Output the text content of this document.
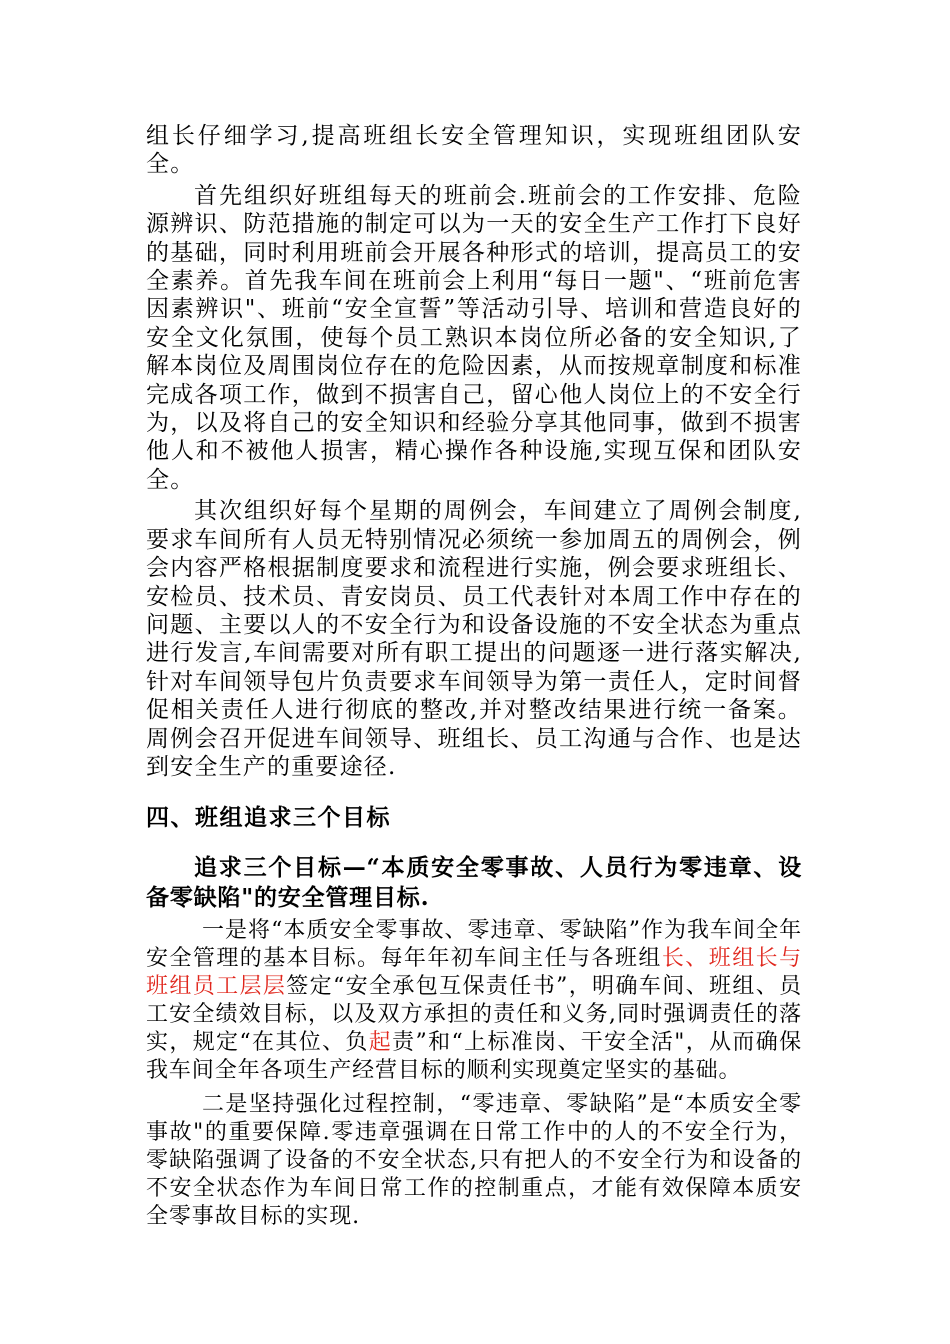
组长仔细学习,提高班组长安全管理知识，实现班组团队安全。

首先组织好班组每天的班前会.班前会的工作安排、危险源辨识、防范措施的制定可以为一天的安全生产工作打下良好的基础，同时利用班前会开展各种形式的培训，提高员工的安全素养。首先我车间在班前会上利用“每日一题"、“班前危害因素辨识"、班前“安全宣誓”等活动引导、培训和营造良好的安全文化氛围，使每个员工熟识本岗位所必备的安全知识,了解本岗位及周围岗位存在的危险因素，从而按规章制度和标准完成各项工作，做到不损害自己，留心他人岗位上的不安全行为，以及将自己的安全知识和经验分享其他同事，做到不损害他人和不被他人损害，精心操作各种设施,实现互保和团队安全。

其次组织好每个星期的周例会，车间建立了周例会制度,要求车间所有人员无特别情况必须统一参加周五的周例会，例会内容严格根据制度要求和流程进行实施，例会要求班组长、安检员、技术员、青安岗员、员工代表针对本周工作中存在的问题、主要以人的不安全行为和设备设施的不安全状态为重点进行发言,车间需要对所有职工提出的问题逐一进行落实解决,针对车间领导包片负责要求车间领导为第一责任人，定时间督促相关责任人进行彻底的整改,并对整改结果进行统一备案。周例会召开促进车间领导、班组长、员工沟通与合作、也是达到安全生产的重要途径.

四、班组追求三个目标

追求三个目标—“本质安全零事故、人员行为零违章、设备零缺陷"的安全管理目标.

一是将“本质安全零事故、零违章、零缺陷”作为我车间全年安全管理的基本目标。每年年初车间主任与各班组长、班组长与班组员工层层签定“安全承包互保责任书”，明确车间、班组、员工安全绩效目标，以及双方承担的责任和义务,同时强调责任的落实，规定“在其位、负起责”和“上标准岗、干安全活"，从而确保我车间全年各项生产经营目标的顺利实现奠定坚实的基础。

二是坚持强化过程控制，“零违章、零缺陷”是“本质安全零事故"的重要保障.零违章强调在日常工作中的人的不安全行为，零缺陷强调了设备的不安全状态,只有把人的不安全行为和设备的不安全状态作为车间日常工作的控制重点，才能有效保障本质安全零事故目标的实现.
